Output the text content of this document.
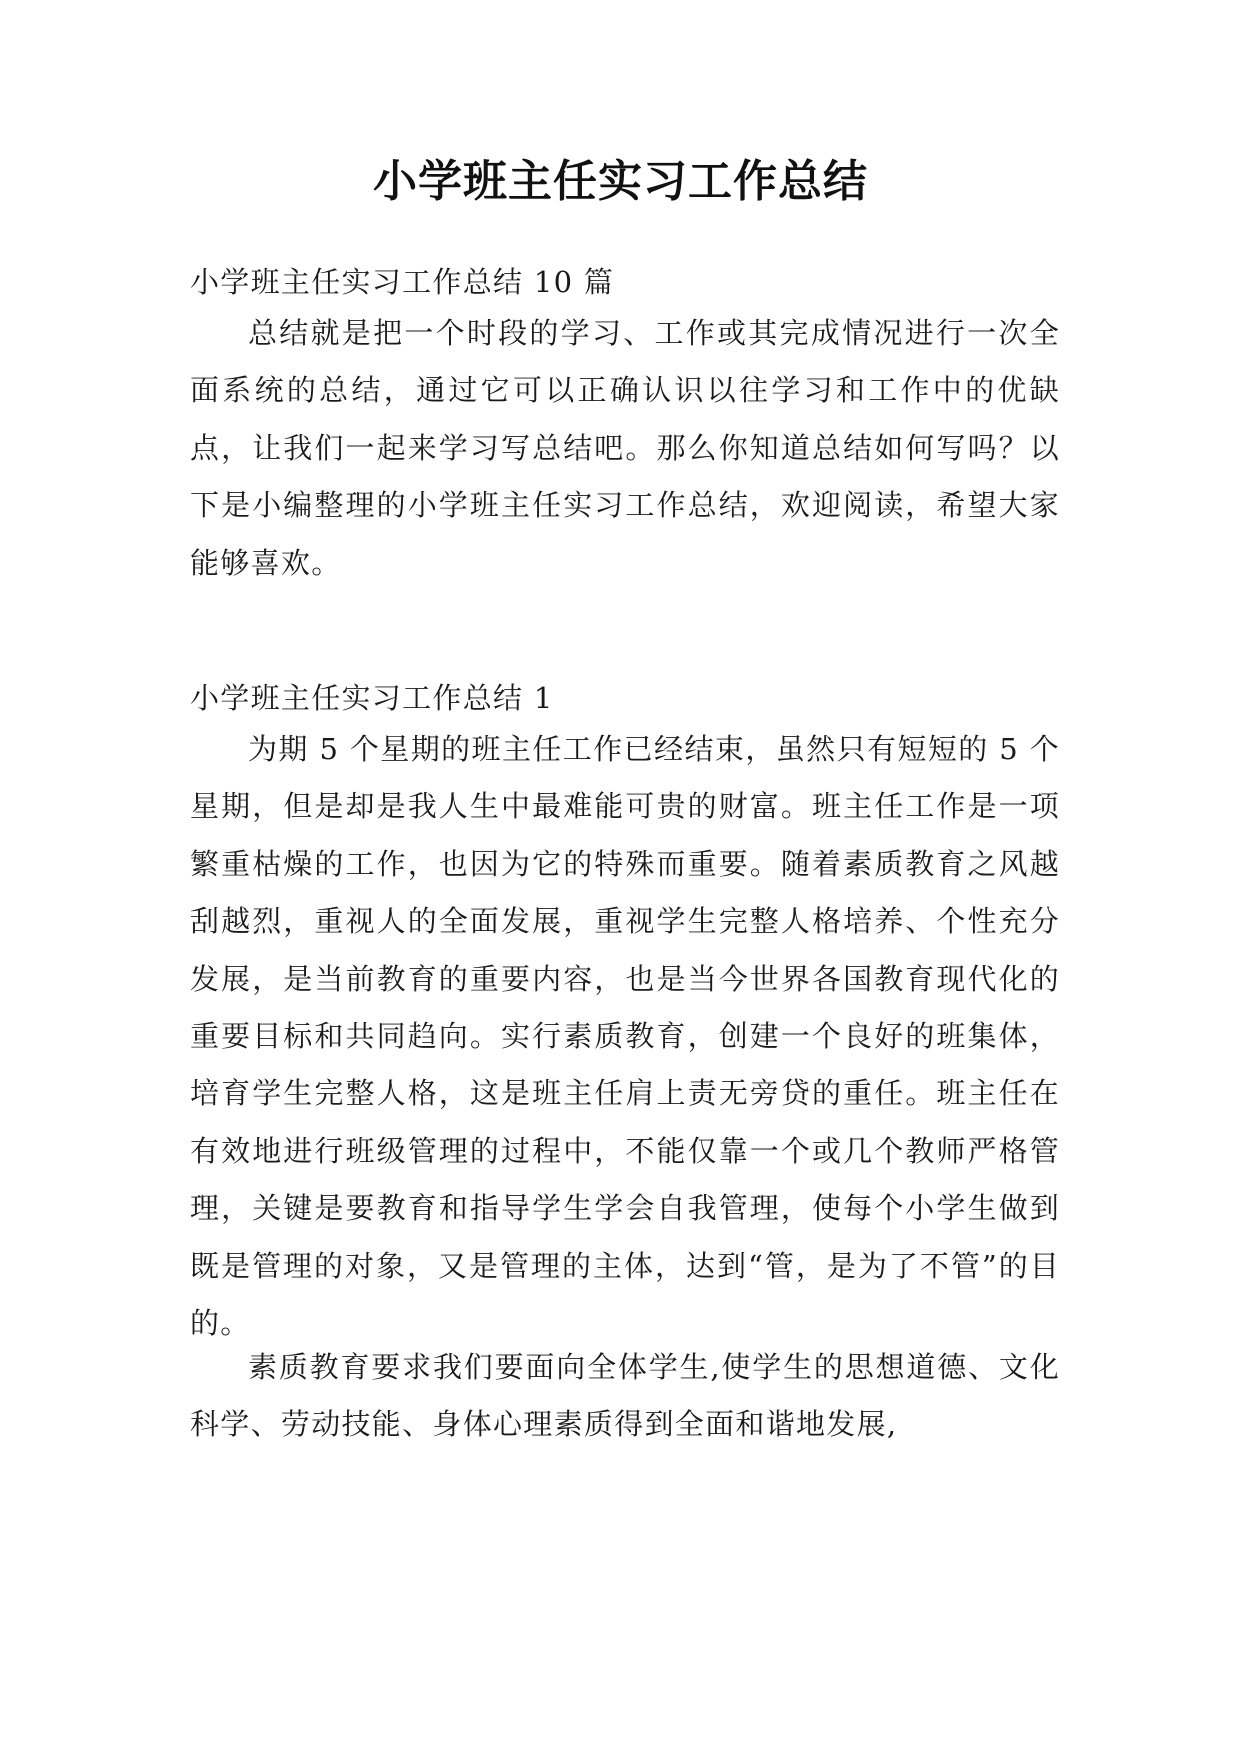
小学班主任实习工作总结

小学班主任实习工作总结 10 篇

总结就是把一个时段的学习、工作或其完成情况进行一次全面系统的总结，通过它可以正确认识以往学习和工作中的优缺点，让我们一起来学习写总结吧。那么你知道总结如何写吗？以下是小编整理的小学班主任实习工作总结，欢迎阅读，希望大家能够喜欢。

小学班主任实习工作总结 1

为期 5 个星期的班主任工作已经结束，虽然只有短短的 5 个星期，但是却是我人生中最难能可贵的财富。班主任工作是一项繁重枯燥的工作，也因为它的特殊而重要。随着素质教育之风越刮越烈，重视人的全面发展，重视学生完整人格培养、个性充分发展，是当前教育的重要内容，也是当今世界各国教育现代化的重要目标和共同趋向。实行素质教育，创建一个良好的班集体，培育学生完整人格，这是班主任肩上责无旁贷的重任。班主任在有效地进行班级管理的过程中，不能仅靠一个或几个教师严格管理，关键是要教育和指导学生学会自我管理，使每个小学生做到既是管理的对象，又是管理的主体，达到“管，是为了不管”的目的。

素质教育要求我们要面向全体学生,使学生的思想道德、文化科学、劳动技能、身体心理素质得到全面和谐地发展,
